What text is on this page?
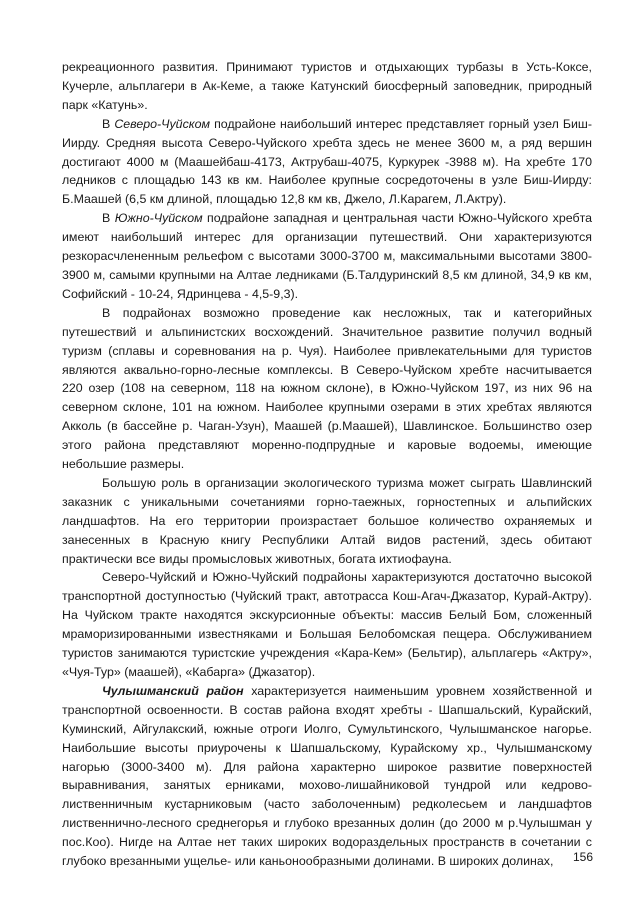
рекреационного развития. Принимают туристов и отдыхающих турбазы в Усть-Коксе, Кучерле, альплагери в Ак-Кеме, а также Катунский биосферный заповедник, природный парк «Катунь».

В Северо-Чуйском подрайоне наибольший интерес представляет горный узел Биш-Иирду. Средняя высота Северо-Чуйского хребта здесь не менее 3600 м, а ряд вершин достигают 4000 м (Маашейбаш-4173, Актрубаш-4075, Куркурек -3988 м). На хребте 170 ледников с площадью 143 кв км. Наиболее крупные сосредоточены в узле Биш-Иирду: Б.Маашей (6,5 км длиной, площадью 12,8 км кв, Джело, Л.Карагем, Л.Актру).

В Южно-Чуйском подрайоне западная и центральная части Южно-Чуйского хребта имеют наибольший интерес для организации путешествий. Они характеризуются резкорасчлененным рельефом с высотами 3000-3700 м, максимальными высотами 3800-3900 м, самыми крупными на Алтае ледниками (Б.Талдуринский 8,5 км длиной, 34,9 кв км, Софийский - 10-24, Ядринцева - 4,5-9,3).

В подрайонах возможно проведение как несложных, так и категорийных путешествий и альпинистских восхождений. Значительное развитие получил водный туризм (сплавы и соревнования на р. Чуя). Наиболее привлекательными для туристов являются аквально-горно-лесные комплексы. В Северо-Чуйском хребте насчитывается 220 озер (108 на северном, 118 на южном склоне), в Южно-Чуйском 197, из них 96 на северном склоне, 101 на южном. Наиболее крупными озерами в этих хребтах являются Акколь (в бассейне р. Чаган-Узун), Маашей (р.Маашей), Шавлинское. Большинство озер этого района представляют моренно-подпрудные и каровые водоемы, имеющие небольшие размеры.

Большую роль в организации экологического туризма может сыграть Шавлинский заказник с уникальными сочетаниями горно-таежных, горностепных и альпийских ландшафтов. На его территории произрастает большое количество охраняемых и занесенных в Красную книгу Республики Алтай видов растений, здесь обитают практически все виды промысловых животных, богата ихтиофауна.

Северо-Чуйский и Южно-Чуйский подрайоны характеризуются достаточно высокой транспортной доступностью (Чуйский тракт, автотрасса Кош-Агач-Джазатор, Курай-Актру). На Чуйском тракте находятся экскурсионные объекты: массив Белый Бом, сложенный мраморизированными известняками и Большая Белобомская пещера. Обслуживанием туристов занимаются туристские учреждения «Кара-Кем» (Бельтир), альплагерь «Актру», «Чуя-Тур» (маашей), «Кабарга» (Джазатор).

Чулышманский район характеризуется наименьшим уровнем хозяйственной и транспортной освоенности. В состав района входят хребты - Шапшальский, Курайский, Куминский, Айгулакский, южные отроги Иолго, Сумультинского, Чулышманское нагорье. Наибольшие высоты приурочены к Шапшальскому, Курайскому хр., Чулышманскому нагорью (3000-3400 м). Для района характерно широкое развитие поверхностей выравнивания, занятых ерниками, мохово-лишайниковой тундрой или кедрово-лиственничным кустарниковым (часто заболоченным) редколесьем и ландшафтов лиственнично-лесного среднегорья и глубоко врезанных долин (до 2000 м р.Чулышман у пос.Коо). Нигде на Алтае нет таких широких водораздельных пространств в сочетании с глубоко врезанными ущелье- или каньонообразными долинами. В широких долинах,	156
